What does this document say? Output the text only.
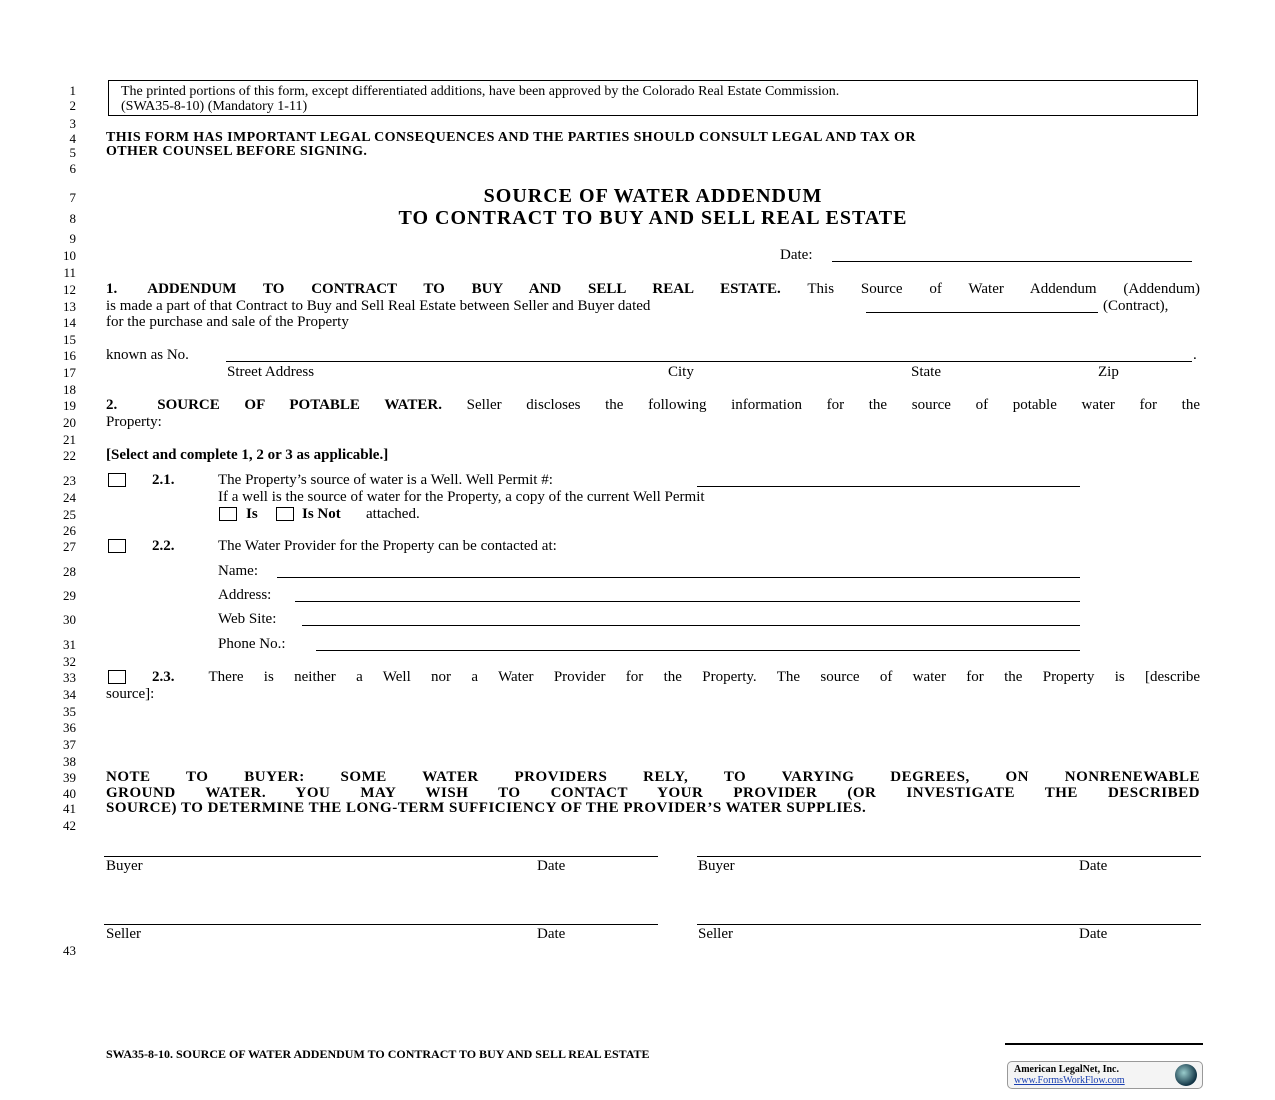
1
2
3
4
5
6
7
8
9
10
11
12
13
14
15
16
17
18
19
20
21
22
23
24
25
26
27
28
29
30
31
32
33
34
35
36
37
38
39
40
41
42
43
The printed portions of this form, except differentiated additions, have been approved by the Colorado Real Estate Commission.
(SWA35-8-10) (Mandatory 1-11)
THIS FORM HAS IMPORTANT LEGAL CONSEQUENCES AND THE PARTIES SHOULD CONSULT LEGAL AND TAX OR
OTHER COUNSEL BEFORE SIGNING.
SOURCE OF WATER ADDENDUM
TO CONTRACT TO BUY AND SELL REAL ESTATE
Date:
1. ADDENDUM TO CONTRACT TO BUY AND SELL REAL ESTATE. This Source of Water Addendum (Addendum)
is made a part of that Contract to Buy and Sell Real Estate between Seller and Buyer dated	(Contract),
for the purchase and sale of the Property
known as No.	.
Street Address	City	State	Zip
2.	SOURCE OF POTABLE WATER. Seller discloses the following information for the source of potable water for the
Property:
[Select and complete 1, 2 or 3 as applicable.]
2.1.	The Property’s source of water is a Well. Well Permit #:
If a well is the source of water for the Property, a copy of the current Well Permit
Is	Is Not attached.
2.2.	The Water Provider for the Property can be contacted at:
Name:
Address:
Web Site:
Phone No.:
2.3. There is neither a Well nor a Water Provider for the Property. The source of water for the Property is [describe
source]:
NOTE TO BUYER: SOME WATER PROVIDERS RELY, TO VARYING DEGREES, ON NONRENEWABLE
GROUND WATER. YOU MAY WISH TO CONTACT YOUR PROVIDER (OR INVESTIGATE THE DESCRIBED
SOURCE) TO DETERMINE THE LONG-TERM SUFFICIENCY OF THE PROVIDER’S WATER SUPPLIES.
Buyer	Date	Buyer	Date
Seller	Date	Seller	Date
SWA35-8-10. SOURCE OF WATER ADDENDUM TO CONTRACT TO BUY AND SELL REAL ESTATE
American LegalNet, Inc.
www.FormsWorkFlow.com
